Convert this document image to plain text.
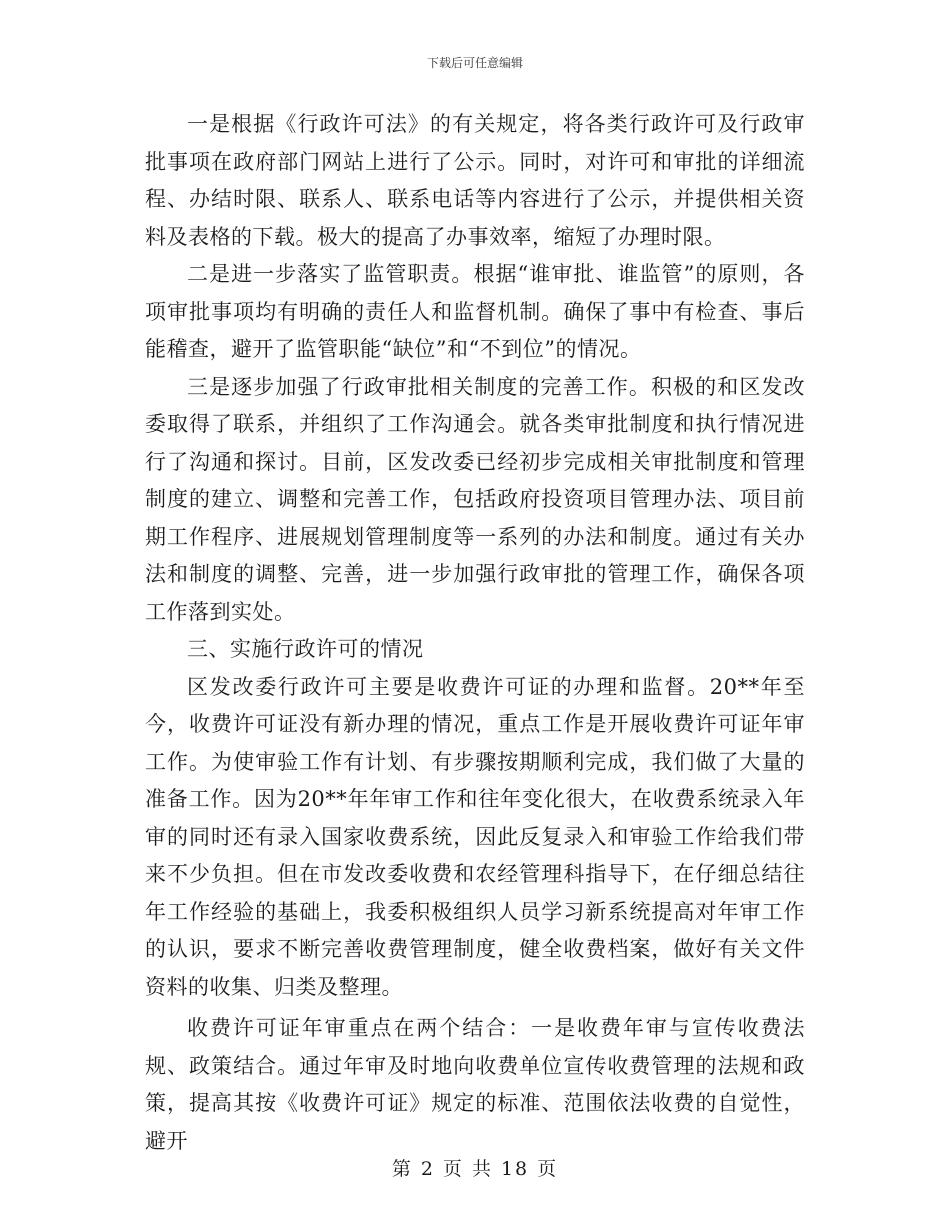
下载后可任意编辑

一是根据《行政许可法》的有关规定，将各类行政许可及行政审批事项在政府部门网站上进行了公示。同时，对许可和审批的详细流程、办结时限、联系人、联系电话等内容进行了公示，并提供相关资料及表格的下载。极大的提高了办事效率，缩短了办理时限。

二是进一步落实了监管职责。根据“谁审批、谁监管”的原则，各项审批事项均有明确的责任人和监督机制。确保了事中有检查、事后能稽查，避开了监管职能“缺位”和“不到位”的情况。

三是逐步加强了行政审批相关制度的完善工作。积极的和区发改委取得了联系，并组织了工作沟通会。就各类审批制度和执行情况进行了沟通和探讨。目前，区发改委已经初步完成相关审批制度和管理制度的建立、调整和完善工作，包括政府投资项目管理办法、项目前期工作程序、进展规划管理制度等一系列的办法和制度。通过有关办法和制度的调整、完善，进一步加强行政审批的管理工作，确保各项工作落到实处。

三、实施行政许可的情况

区发改委行政许可主要是收费许可证的办理和监督。20**年至今，收费许可证没有新办理的情况，重点工作是开展收费许可证年审工作。为使审验工作有计划、有步骤按期顺利完成，我们做了大量的准备工作。因为20**年年审工作和往年变化很大，在收费系统录入年审的同时还有录入国家收费系统，因此反复录入和审验工作给我们带来不少负担。但在市发改委收费和农经管理科指导下，在仔细总结往年工作经验的基础上，我委积极组织人员学习新系统提高对年审工作的认识，要求不断完善收费管理制度，健全收费档案，做好有关文件资料的收集、归类及整理。

收费许可证年审重点在两个结合：一是收费年审与宣传收费法规、政策结合。通过年审及时地向收费单位宣传收费管理的法规和政策，提高其按《收费许可证》规定的标准、范围依法收费的自觉性，避开

第 2 页 共 18 页
